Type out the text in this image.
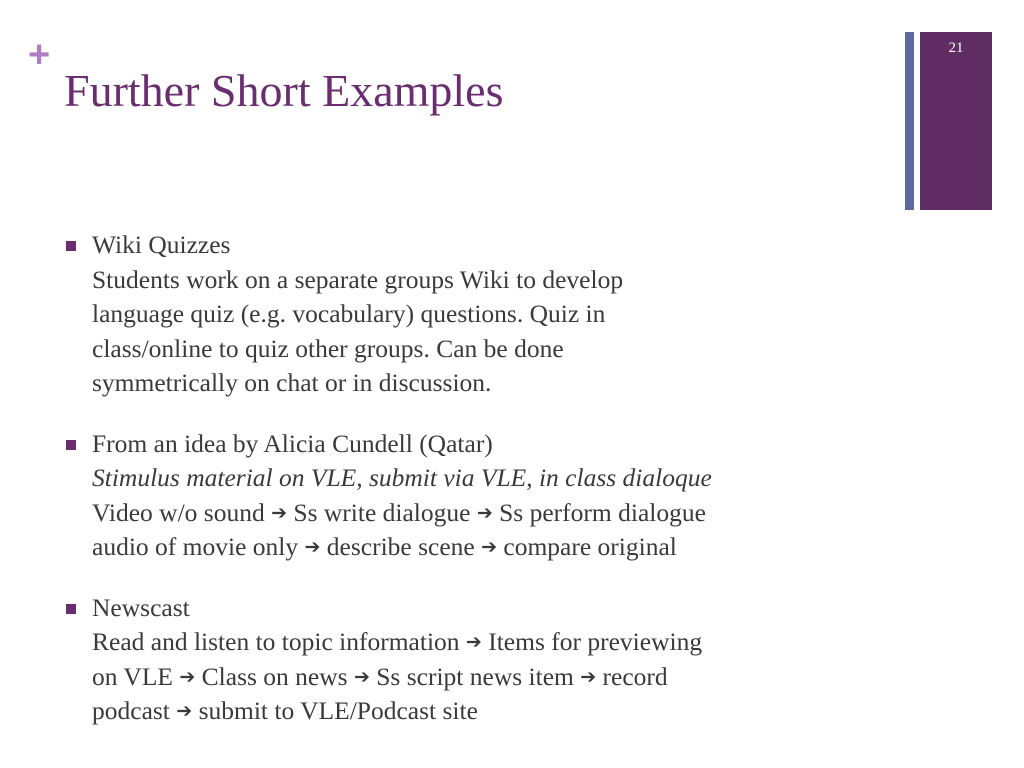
+
Further Short Examples
21
Wiki Quizzes
Students work on a separate groups Wiki to develop
language quiz (e.g. vocabulary) questions. Quiz in
class/online to quiz other groups. Can be done
symmetrically on chat or in discussion.
From an idea by Alicia Cundell (Qatar)
Stimulus material on VLE, submit via VLE, in class dialoque
Video w/o sound ➔ Ss write dialogue ➔ Ss perform dialogue
audio of movie only ➔ describe scene ➔ compare original
Newscast
Read and listen to topic information ➔ Items for previewing
on VLE ➔ Class on news ➔ Ss script news item ➔ record
podcast ➔ submit to VLE/Podcast site
